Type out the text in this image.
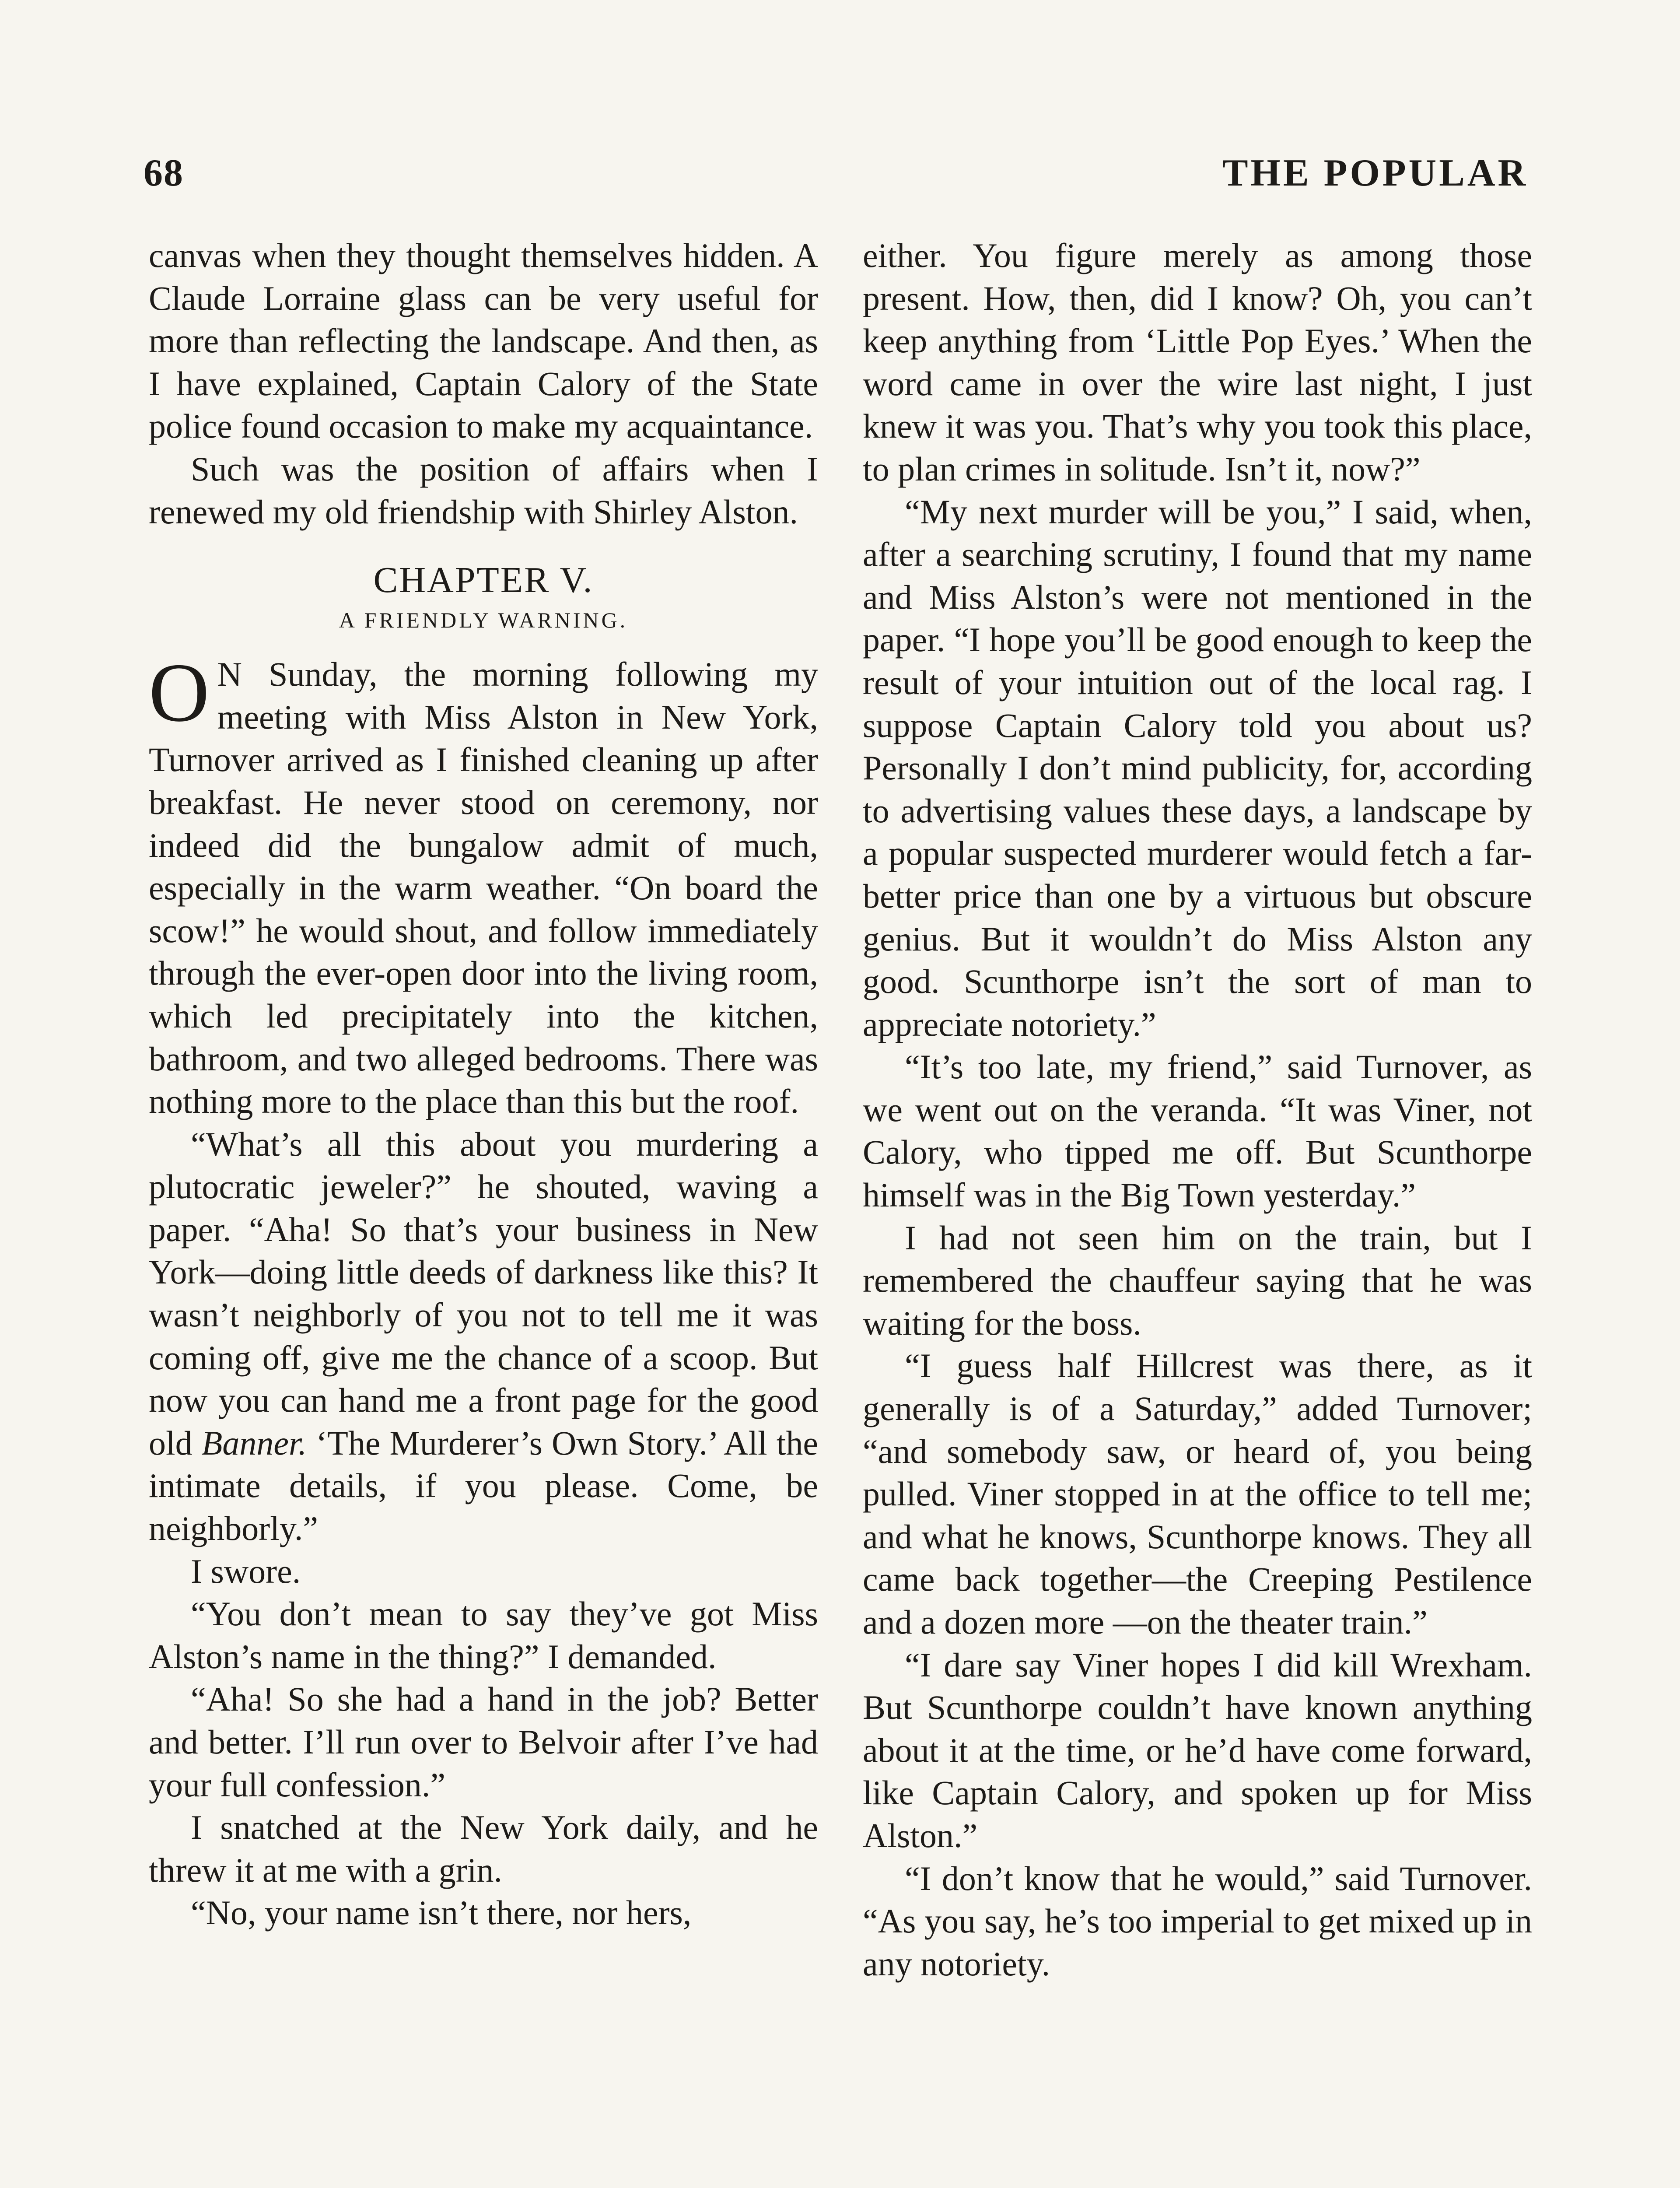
68	THE POPULAR

canvas when they thought themselves hidden. A Claude Lorraine glass can be very useful for more than reflecting the landscape. And then, as I have explained, Captain Calory of the State police found occasion to make my acquaintance.

Such was the position of affairs when I renewed my old friendship with Shirley Alston.

CHAPTER V.
A FRIENDLY WARNING.

O N Sunday, the morning following my meeting with Miss Alston in New York, Turnover arrived as I finished cleaning up after breakfast. He never stood on ceremony, nor indeed did the bungalow admit of much, especially in the warm weather. “On board the scow!” he would shout, and follow immediately through the ever-open door into the living room, which led precipitately into the kitchen, bathroom, and two alleged bedrooms. There was nothing more to the place than this but the roof.

“What’s all this about you murdering a plutocratic jeweler?” he shouted, waving a paper. “Aha! So that’s your business in New York—doing little deeds of darkness like this? It wasn’t neighborly of you not to tell me it was coming off, give me the chance of a scoop. But now you can hand me a front page for the good old Banner. ‘The Murderer’s Own Story.’ All the intimate details, if you please. Come, be neighborly.”

I swore.

“You don’t mean to say they’ve got Miss Alston’s name in the thing?” I demanded.

“Aha! So she had a hand in the job? Better and better. I’ll run over to Belvoir after I’ve had your full confession.”

I snatched at the New York daily, and he threw it at me with a grin.

“No, your name isn’t there, nor hers,

either. You figure merely as among those present. How, then, did I know? Oh, you can’t keep anything from ‘Little Pop Eyes.’ When the word came in over the wire last night, I just knew it was you. That’s why you took this place, to plan crimes in solitude. Isn’t it, now?”

“My next murder will be you,” I said, when, after a searching scrutiny, I found that my name and Miss Alston’s were not mentioned in the paper. “I hope you’ll be good enough to keep the result of your intuition out of the local rag. I suppose Captain Calory told you about us? Personally I don’t mind publicity, for, according to advertising values these days, a landscape by a popular suspected murderer would fetch a far-better price than one by a virtuous but obscure genius. But it wouldn’t do Miss Alston any good. Scunthorpe isn’t the sort of man to appreciate notoriety.”

“It’s too late, my friend,” said Turnover, as we went out on the veranda. “It was Viner, not Calory, who tipped me off. But Scunthorpe himself was in the Big Town yesterday.”

I had not seen him on the train, but I remembered the chauffeur saying that he was waiting for the boss.

“I guess half Hillcrest was there, as it generally is of a Saturday,” added Turnover; “and somebody saw, or heard of, you being pulled. Viner stopped in at the office to tell me; and what he knows, Scunthorpe knows. They all came back together—the Creeping Pestilence and a dozen more —on the theater train.”

“I dare say Viner hopes I did kill Wrexham. But Scunthorpe couldn’t have known anything about it at the time, or he’d have come forward, like Captain Calory, and spoken up for Miss Alston.”

“I don’t know that he would,” said Turnover. “As you say, he’s too imperial to get mixed up in any notoriety.
